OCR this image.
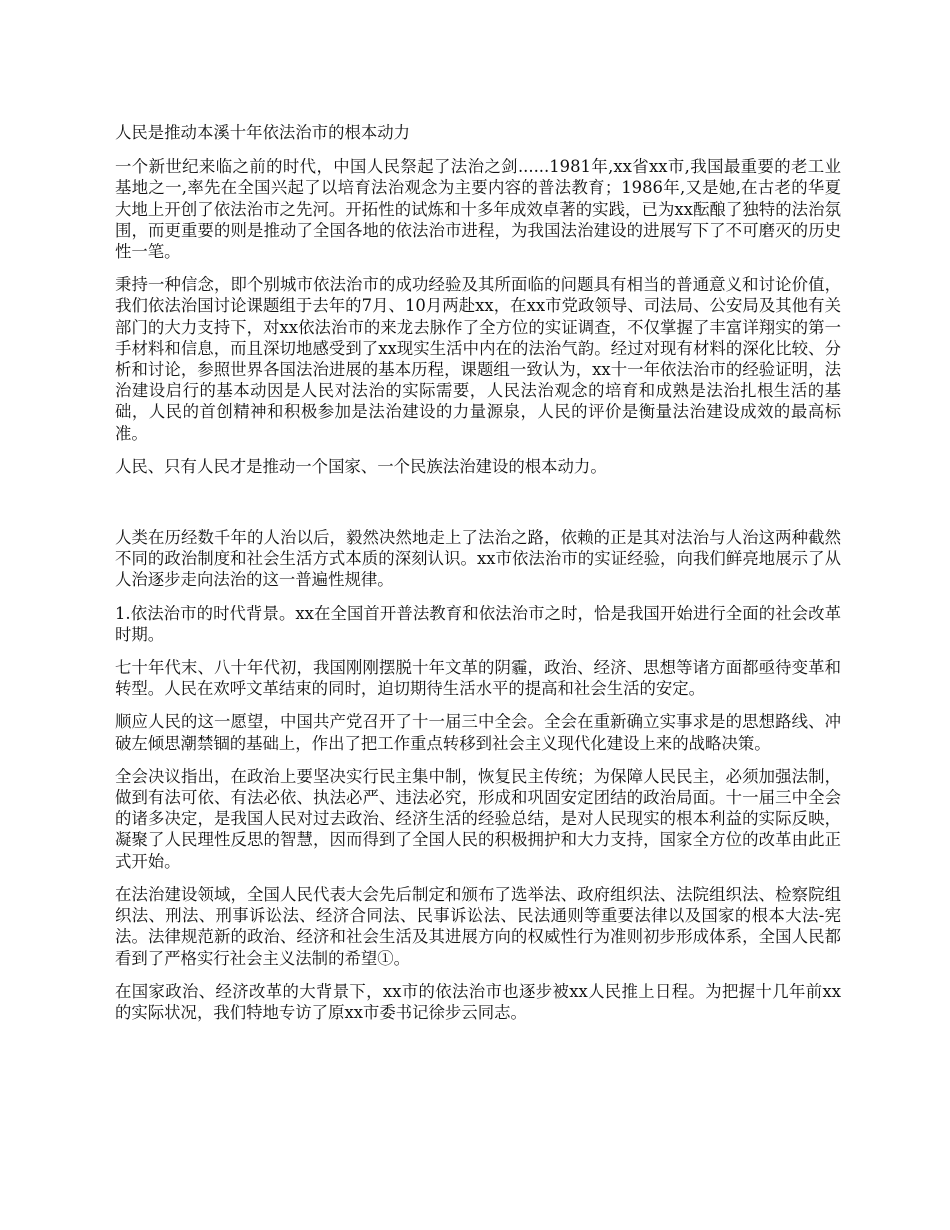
人民是推动本溪十年依法治市的根本动力

一个新世纪来临之前的时代，中国人民祭起了法治之剑......1981年,xx省xx市,我国最重要的老工业基地之一,率先在全国兴起了以培育法治观念为主要内容的普法教育；1986年,又是她,在古老的华夏大地上开创了依法治市之先河。开拓性的试炼和十多年成效卓著的实践，已为xx酝酿了独特的法治氛围，而更重要的则是推动了全国各地的依法治市进程，为我国法治建设的进展写下了不可磨灭的历史性一笔。

秉持一种信念，即个别城市依法治市的成功经验及其所面临的问题具有相当的普通意义和讨论价值，我们依法治国讨论课题组于去年的7月、10月两赴xx，在xx市党政领导、司法局、公安局及其他有关部门的大力支持下，对xx依法治市的来龙去脉作了全方位的实证调查，不仅掌握了丰富详翔实的第一手材料和信息，而且深切地感受到了xx现实生活中内在的法治气韵。经过对现有材料的深化比较、分析和讨论，参照世界各国法治进展的基本历程，课题组一致认为，xx十一年依法治市的经验证明，法治建设启行的基本动因是人民对法治的实际需要，人民法治观念的培育和成熟是法治扎根生活的基础，人民的首创精神和积极参加是法治建设的力量源泉，人民的评价是衡量法治建设成效的最高标准。

人民、只有人民才是推动一个国家、一个民族法治建设的根本动力。

人类在历经数千年的人治以后，毅然决然地走上了法治之路，依赖的正是其对法治与人治这两种截然不同的政治制度和社会生活方式本质的深刻认识。xx市依法治市的实证经验，向我们鲜亮地展示了从人治逐步走向法治的这一普遍性规律。

1.依法治市的时代背景。xx在全国首开普法教育和依法治市之时，恰是我国开始进行全面的社会改革时期。

七十年代末、八十年代初，我国刚刚摆脱十年文革的阴霾，政治、经济、思想等诸方面都亟待变革和转型。人民在欢呼文革结束的同时，迫切期待生活水平的提高和社会生活的安定。

顺应人民的这一愿望，中国共产党召开了十一届三中全会。全会在重新确立实事求是的思想路线、冲破左倾思潮禁锢的基础上，作出了把工作重点转移到社会主义现代化建设上来的战略决策。

全会决议指出，在政治上要坚决实行民主集中制，恢复民主传统；为保障人民民主，必须加强法制，做到有法可依、有法必依、执法必严、违法必究，形成和巩固安定团结的政治局面。十一届三中全会的诸多决定，是我国人民对过去政治、经济生活的经验总结，是对人民现实的根本利益的实际反映，凝聚了人民理性反思的智慧，因而得到了全国人民的积极拥护和大力支持，国家全方位的改革由此正式开始。

在法治建设领域，全国人民代表大会先后制定和颁布了选举法、政府组织法、法院组织法、检察院组织法、刑法、刑事诉讼法、经济合同法、民事诉讼法、民法通则等重要法律以及国家的根本大法-宪法。法律规范新的政治、经济和社会生活及其进展方向的权威性行为准则初步形成体系，全国人民都看到了严格实行社会主义法制的希望①。

在国家政治、经济改革的大背景下，xx市的依法治市也逐步被xx人民推上日程。为把握十几年前xx的实际状况，我们特地专访了原xx市委书记徐步云同志。
